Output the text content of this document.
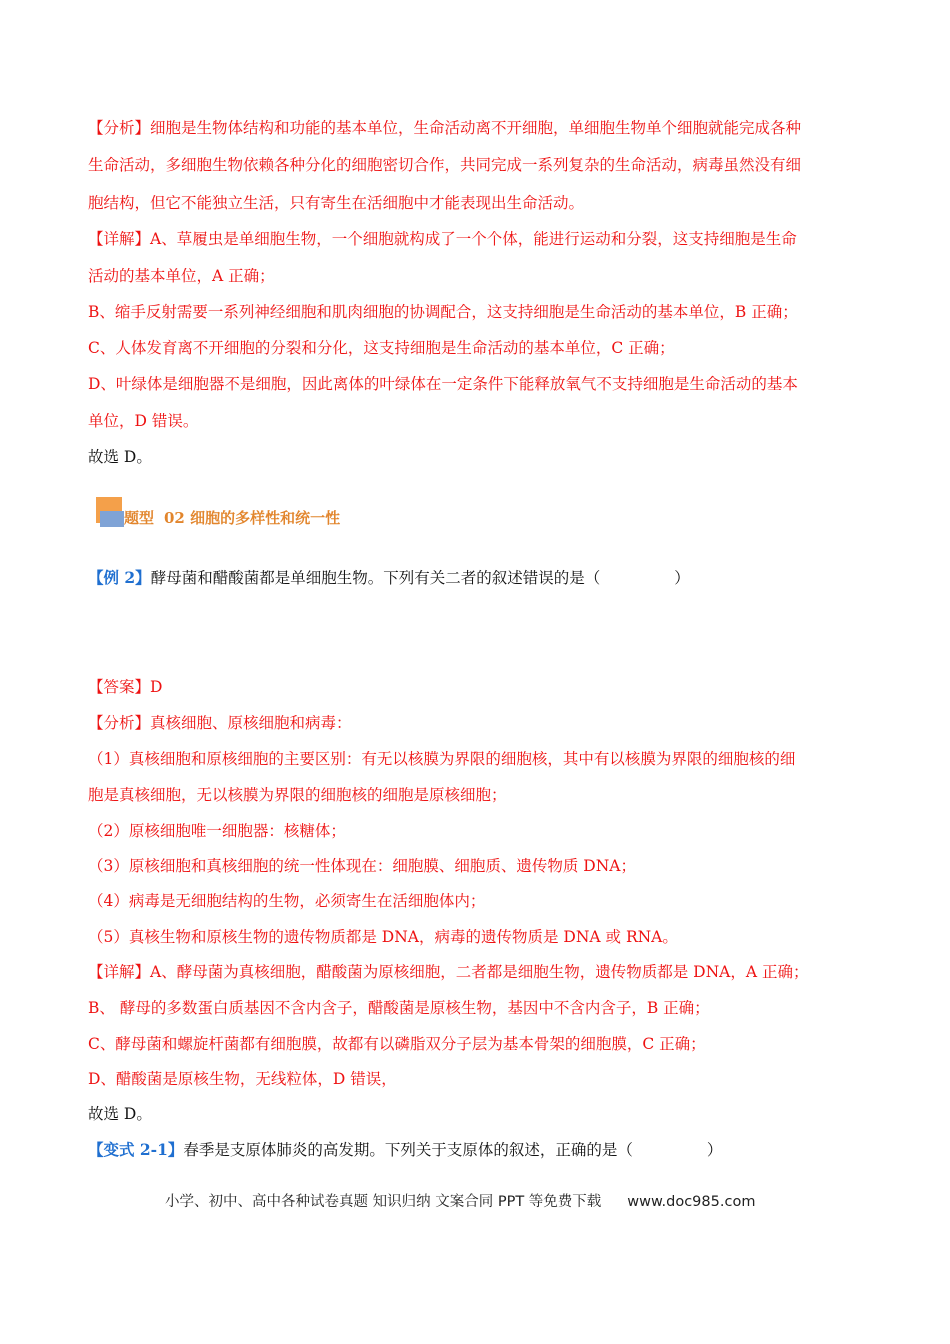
【分析】细胞是生物体结构和功能的基本单位，生命活动离不开细胞，单细胞生物单个细胞就能完成各种
生命活动，多细胞生物依赖各种分化的细胞密切合作，共同完成一系列复杂的生命活动，病毒虽然没有细
胞结构，但它不能独立生活，只有寄生在活细胞中才能表现出生命活动。
【详解】A、草履虫是单细胞生物，一个细胞就构成了一个个体，能进行运动和分裂，这支持细胞是生命
活动的基本单位，A 正确；
B、缩手反射需要一系列神经细胞和肌肉细胞的协调配合，这支持细胞是生命活动的基本单位，B 正确；
C、人体发育离不开细胞的分裂和分化，这支持细胞是生命活动的基本单位，C 正确；
D、叶绿体是细胞器不是细胞，因此离体的叶绿体在一定条件下能释放氧气不支持细胞是生命活动的基本
单位，D 错误。
故选 D。
题型 02 细胞的多样性和统一性
【例 2】酵母菌和醋酸菌都是单细胞生物。下列有关二者的叙述错误的是（	）
【答案】D
【分析】真核细胞、原核细胞和病毒：
（1）真核细胞和原核细胞的主要区别：有无以核膜为界限的细胞核，其中有以核膜为界限的细胞核的细
胞是真核细胞，无以核膜为界限的细胞核的细胞是原核细胞；
（2）原核细胞唯一细胞器：核糖体；
（3）原核细胞和真核细胞的统一性体现在：细胞膜、细胞质、遗传物质 DNA；
（4）病毒是无细胞结构的生物，必须寄生在活细胞体内；
（5）真核生物和原核生物的遗传物质都是 DNA，病毒的遗传物质是 DNA 或 RNA。
【详解】A、酵母菌为真核细胞，醋酸菌为原核细胞，二者都是细胞生物，遗传物质都是 DNA，A 正确；
B、 酵母的多数蛋白质基因不含内含子，醋酸菌是原核生物，基因中不含内含子，B 正确；
C、酵母菌和螺旋杆菌都有细胞膜，故都有以磷脂双分子层为基本骨架的细胞膜，C 正确；
D、醋酸菌是原核生物，无线粒体，D 错误，
故选 D。
【变式 2-1】春季是支原体肺炎的高发期。下列关于支原体的叙述，正确的是（	）
小学、初中、高中各种试卷真题 知识归纳 文案合同 PPT 等免费下载 www.doc985.com
